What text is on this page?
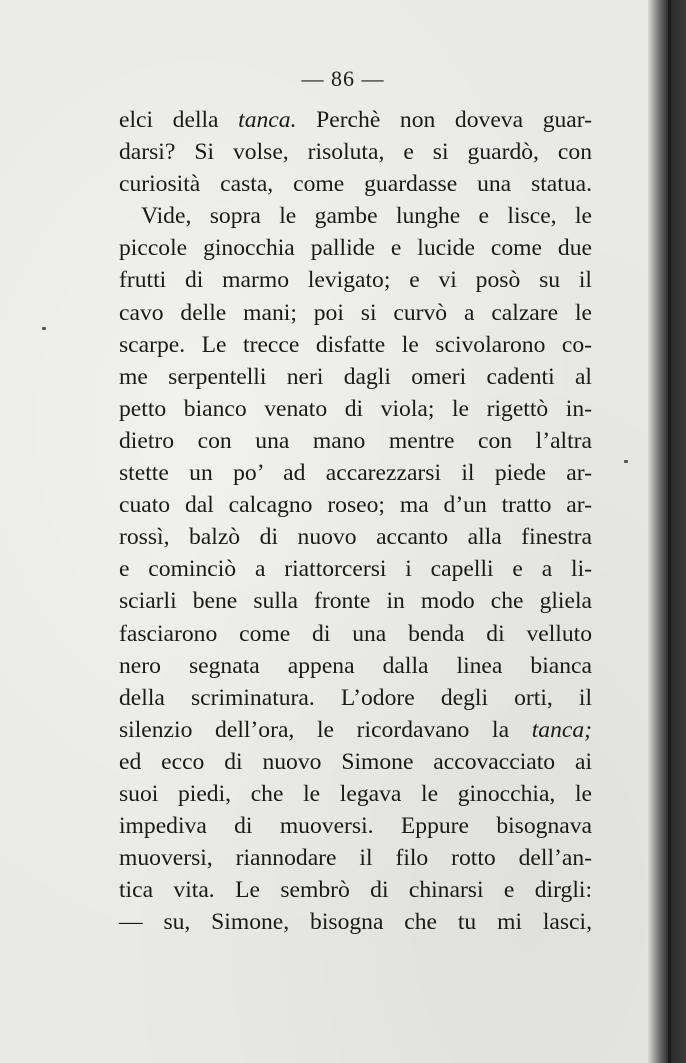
— 86 —
elci della tanca. Perchè non doveva guar-
darsi? Si volse, risoluta, e si guardò, con
curiosità casta, come guardasse una statua.
Vide, sopra le gambe lunghe e lisce, le
piccole ginocchia pallide e lucide come due
frutti di marmo levigato; e vi posò su il
cavo delle mani; poi si curvò a calzare le
scarpe. Le trecce disfatte le scivolarono co-
me serpentelli neri dagli omeri cadenti al
petto bianco venato di viola; le rigettò in-
dietro con una mano mentre con l’altra
stette un po’ ad accarezzarsi il piede ar-
cuato dal calcagno roseo; ma d’un tratto ar-
rossì, balzò di nuovo accanto alla finestra
e cominciò a riattorcersi i capelli e a li-
sciarli bene sulla fronte in modo che gliela
fasciarono come di una benda di velluto
nero segnata appena dalla linea bianca
della scriminatura. L’odore degli orti, il
silenzio dell’ora, le ricordavano la tanca;
ed ecco di nuovo Simone accovacciato ai
suoi piedi, che le legava le ginocchia, le
impediva di muoversi. Eppure bisognava
muoversi, riannodare il filo rotto dell’an-
tica vita. Le sembrò di chinarsi e dirgli:
— su, Simone, bisogna che tu mi lasci,
